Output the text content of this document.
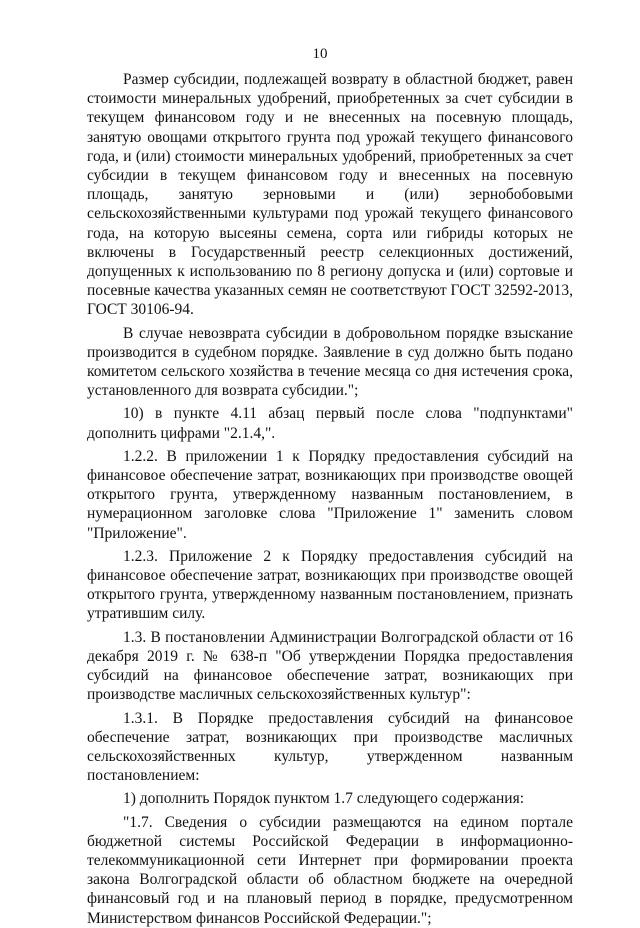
10

Размер субсидии, подлежащей возврату в областной бюджет, равен стоимости минеральных удобрений, приобретенных за счет субсидии в текущем финансовом году и не внесенных на посевную площадь, занятую овощами открытого грунта под урожай текущего финансового года, и (или) стоимости минеральных удобрений, приобретенных за счет субсидии в текущем финансовом году и внесенных на посевную площадь, занятую зерновыми и (или) зернобобовыми сельскохозяйственными культурами под урожай текущего финансового года, на которую высеяны семена, сорта или гибриды которых не включены в Государственный реестр селекционных достижений, допущенных к использованию по 8 региону допуска и (или) сортовые и посевные качества указанных семян не соответствуют ГОСТ 32592-2013, ГОСТ 30106-94.

В случае невозврата субсидии в добровольном порядке взыскание производится в судебном порядке. Заявление в суд должно быть подано комитетом сельского хозяйства в течение месяца со дня истечения срока, установленного для возврата субсидии.";

10) в пункте 4.11 абзац первый после слова "подпунктами" дополнить цифрами "2.1.4,".

1.2.2. В приложении 1 к Порядку предоставления субсидий на финансовое обеспечение затрат, возникающих при производстве овощей открытого грунта, утвержденному названным постановлением, в нумерационном заголовке слова "Приложение 1" заменить словом "Приложение".

1.2.3. Приложение 2 к Порядку предоставления субсидий на финансовое обеспечение затрат, возникающих при производстве овощей открытого грунта, утвержденному названным постановлением, признать утратившим силу.

1.3. В постановлении Администрации Волгоградской области от 16 декабря 2019 г. № 638-п "Об утверждении Порядка предоставления субсидий на финансовое обеспечение затрат, возникающих при производстве масличных сельскохозяйственных культур":

1.3.1. В Порядке предоставления субсидий на финансовое обеспечение затрат, возникающих при производстве масличных сельскохозяйственных культур, утвержденном названным постановлением:

1) дополнить Порядок пунктом 1.7 следующего содержания:

"1.7. Сведения о субсидии размещаются на едином портале бюджетной системы Российской Федерации в информационно-телекоммуникационной сети Интернет при формировании проекта закона Волгоградской области об областном бюджете на очередной финансовый год и на плановый период в порядке, предусмотренном Министерством финансов Российской Федерации.";
